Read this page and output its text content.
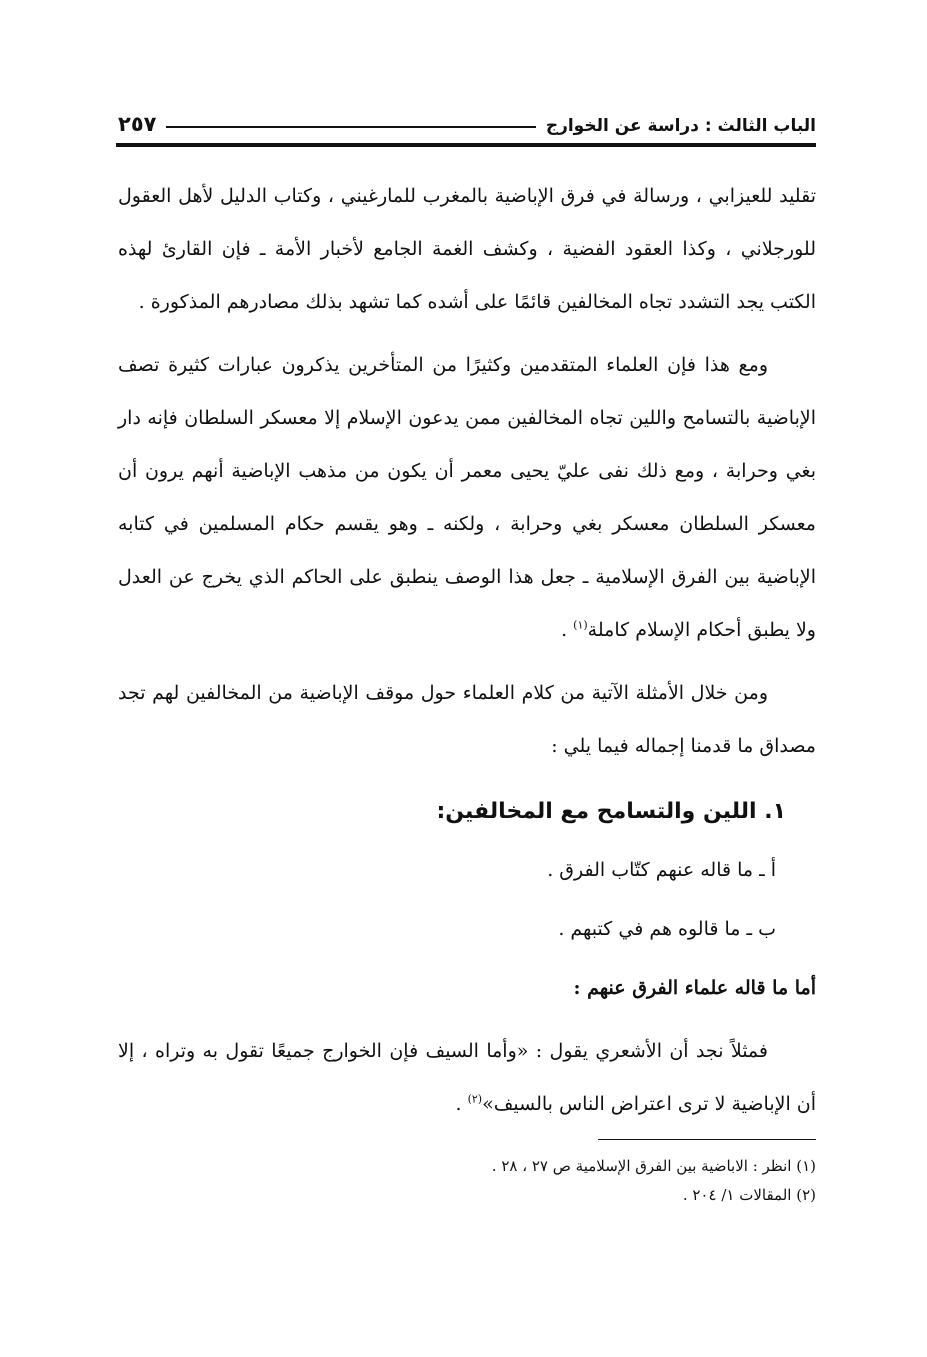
الباب الثالث : دراسة عن الخوارج
٢٥٧

تقليد للعيزابي ، ورسالة في فرق الإباضية بالمغرب للمارغيني ، وكتاب الدليل لأهل العقول للورجلاني ، وكذا العقود الفضية ، وكشف الغمة الجامع لأخبار الأمة ـ فإن القارئ لهذه الكتب يجد التشدد تجاه المخالفين قائمًا على أشده كما تشهد بذلك مصادرهم المذكورة .

ومع هذا فإن العلماء المتقدمين وكثيرًا من المتأخرين يذكرون عبارات كثيرة تصف الإباضية بالتسامح واللين تجاه المخالفين ممن يدعون الإسلام إلا معسكر السلطان فإنه دار بغي وحرابة ، ومع ذلك نفى عليّ يحيى معمر أن يكون من مذهب الإباضية أنهم يرون أن معسكر السلطان معسكر بغي وحرابة ، ولكنه ـ وهو يقسم حكام المسلمين في كتابه الإباضية بين الفرق الإسلامية ـ جعل هذا الوصف ينطبق على الحاكم الذي يخرج عن العدل ولا يطبق أحكام الإسلام كاملة$^{(١)}$ .

ومن خلال الأمثلة الآتية من كلام العلماء حول موقف الإباضية من المخالفين لهم تجد مصداق ما قدمنا إجماله فيما يلي :

١. اللين والتسامح مع المخالفين:

أ ـ ما قاله عنهم كتّاب الفرق .

ب ـ ما قالوه هم في كتبهم .

أما ما قاله علماء الفرق عنهم :

فمثلاً نجد أن الأشعري يقول : «وأما السيف فإن الخوارج جميعًا تقول به وتراه ، إلا أن الإباضية لا ترى اعتراض الناس بالسيف»$^{(٢)}$ .

(١) انظر : الاباضية بين الفرق الإسلامية ص ٢٧ ، ٢٨ .

(٢) المقالات ١/ ٢٠٤ .
